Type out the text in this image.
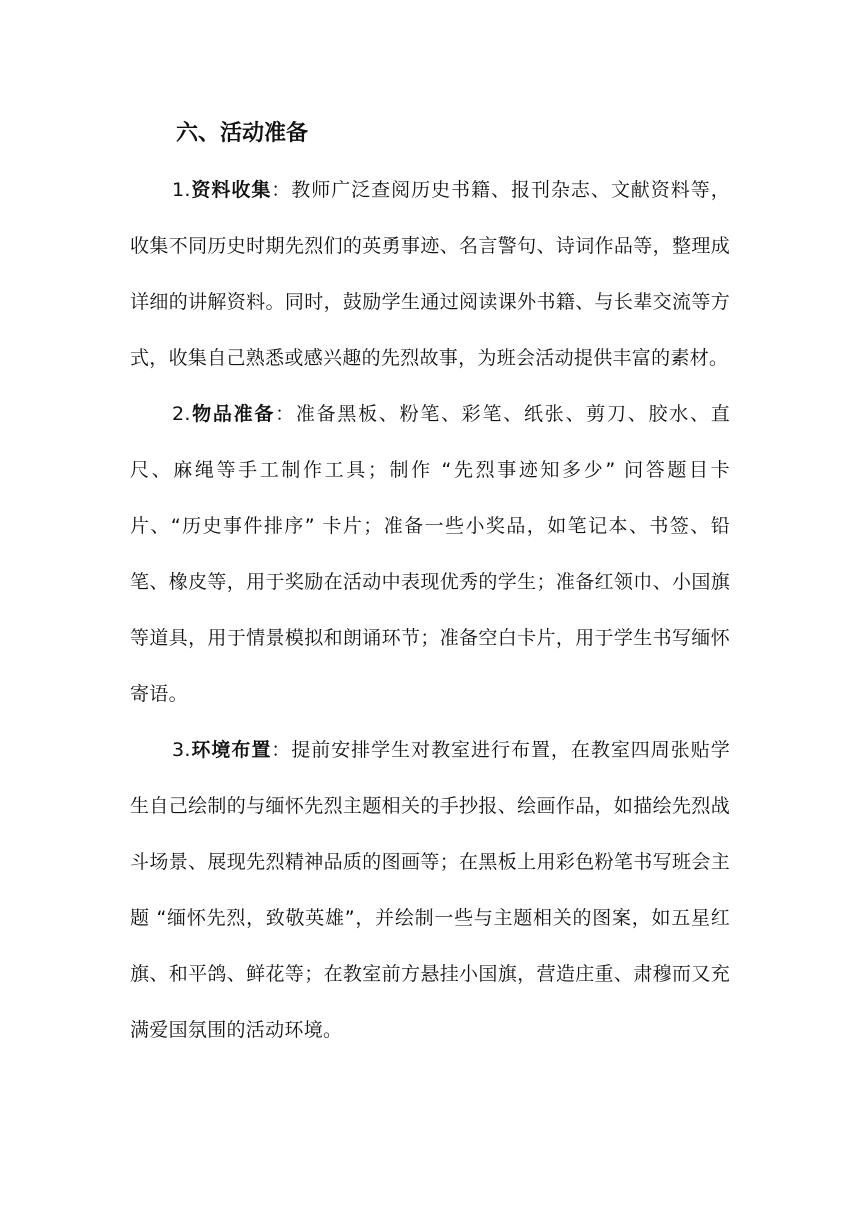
六、活动准备

1.资料收集：教师广泛查阅历史书籍、报刊杂志、文献资料等，收集不同历史时期先烈们的英勇事迹、名言警句、诗词作品等，整理成详细的讲解资料。同时，鼓励学生通过阅读课外书籍、与长辈交流等方式，收集自己熟悉或感兴趣的先烈故事，为班会活动提供丰富的素材。

2.物品准备：准备黑板、粉笔、彩笔、纸张、剪刀、胶水、直尺、麻绳等手工制作工具；制作 “先烈事迹知多少” 问答题目卡片、“历史事件排序” 卡片；准备一些小奖品，如笔记本、书签、铅笔、橡皮等，用于奖励在活动中表现优秀的学生；准备红领巾、小国旗等道具，用于情景模拟和朗诵环节；准备空白卡片，用于学生书写缅怀寄语。

3.环境布置：提前安排学生对教室进行布置，在教室四周张贴学生自己绘制的与缅怀先烈主题相关的手抄报、绘画作品，如描绘先烈战斗场景、展现先烈精神品质的图画等；在黑板上用彩色粉笔书写班会主题 “缅怀先烈，致敬英雄”，并绘制一些与主题相关的图案，如五星红旗、和平鸽、鲜花等；在教室前方悬挂小国旗，营造庄重、肃穆而又充满爱国氛围的活动环境。
